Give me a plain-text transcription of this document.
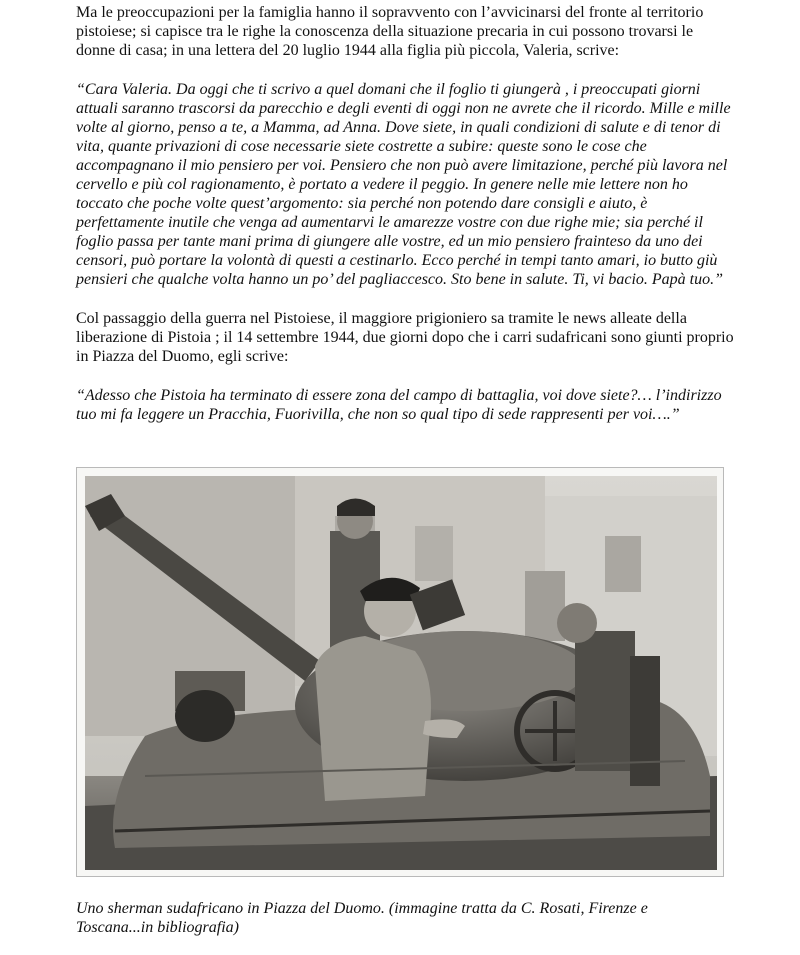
Ma le preoccupazioni per la famiglia hanno il sopravvento con l’avvicinarsi del fronte al territorio pistoiese; si capisce tra le righe la conoscenza della situazione precaria in cui possono trovarsi le donne di casa; in una lettera del 20 luglio 1944 alla figlia più piccola, Valeria, scrive:

“Cara Valeria. Da oggi che ti scrivo a quel domani che il foglio ti giungerà , i preoccupati giorni attuali saranno trascorsi da parecchio e degli eventi di oggi non ne avrete che il ricordo. Mille e mille volte al giorno, penso a te, a Mamma, ad Anna. Dove siete, in quali condizioni di salute e di tenor di vita, quante privazioni di cose necessarie siete costrette a subire: queste sono le cose che accompagnano il mio pensiero per voi. Pensiero che non può avere limitazione, perché più lavora nel cervello e più col ragionamento, è portato a vedere il peggio. In genere nelle mie lettere non ho toccato che poche volte quest’argomento: sia perché non potendo dare consigli e aiuto, è perfettamente inutile che venga ad aumentarvi le amarezze vostre con due righe mie; sia perché il foglio passa per tante mani prima di giungere alle vostre, ed un mio pensiero frainteso da uno dei censori, può portare la volontà di questi a cestinarlo. Ecco perché in tempi tanto amari, io butto giù pensieri che qualche volta hanno un po’ del pagliaccesco. Sto bene in salute. Ti, vi bacio. Papà tuo.”

Col passaggio della guerra nel Pistoiese, il maggiore prigioniero sa tramite le news alleate della liberazione di Pistoia ; il 14 settembre 1944, due giorni dopo che i carri sudafricani sono giunti proprio in Piazza del Duomo, egli scrive:

“Adesso che Pistoia ha terminato di essere zona del campo di battaglia, voi dove siete?… l’indirizzo tuo mi fa leggere un Pracchia, Fuorivilla, che non so qual tipo di sede rappresenti per voi….”

Uno sherman sudafricano in Piazza del Duomo. (immagine tratta da C. Rosati, Firenze e Toscana...in bibliografia)
